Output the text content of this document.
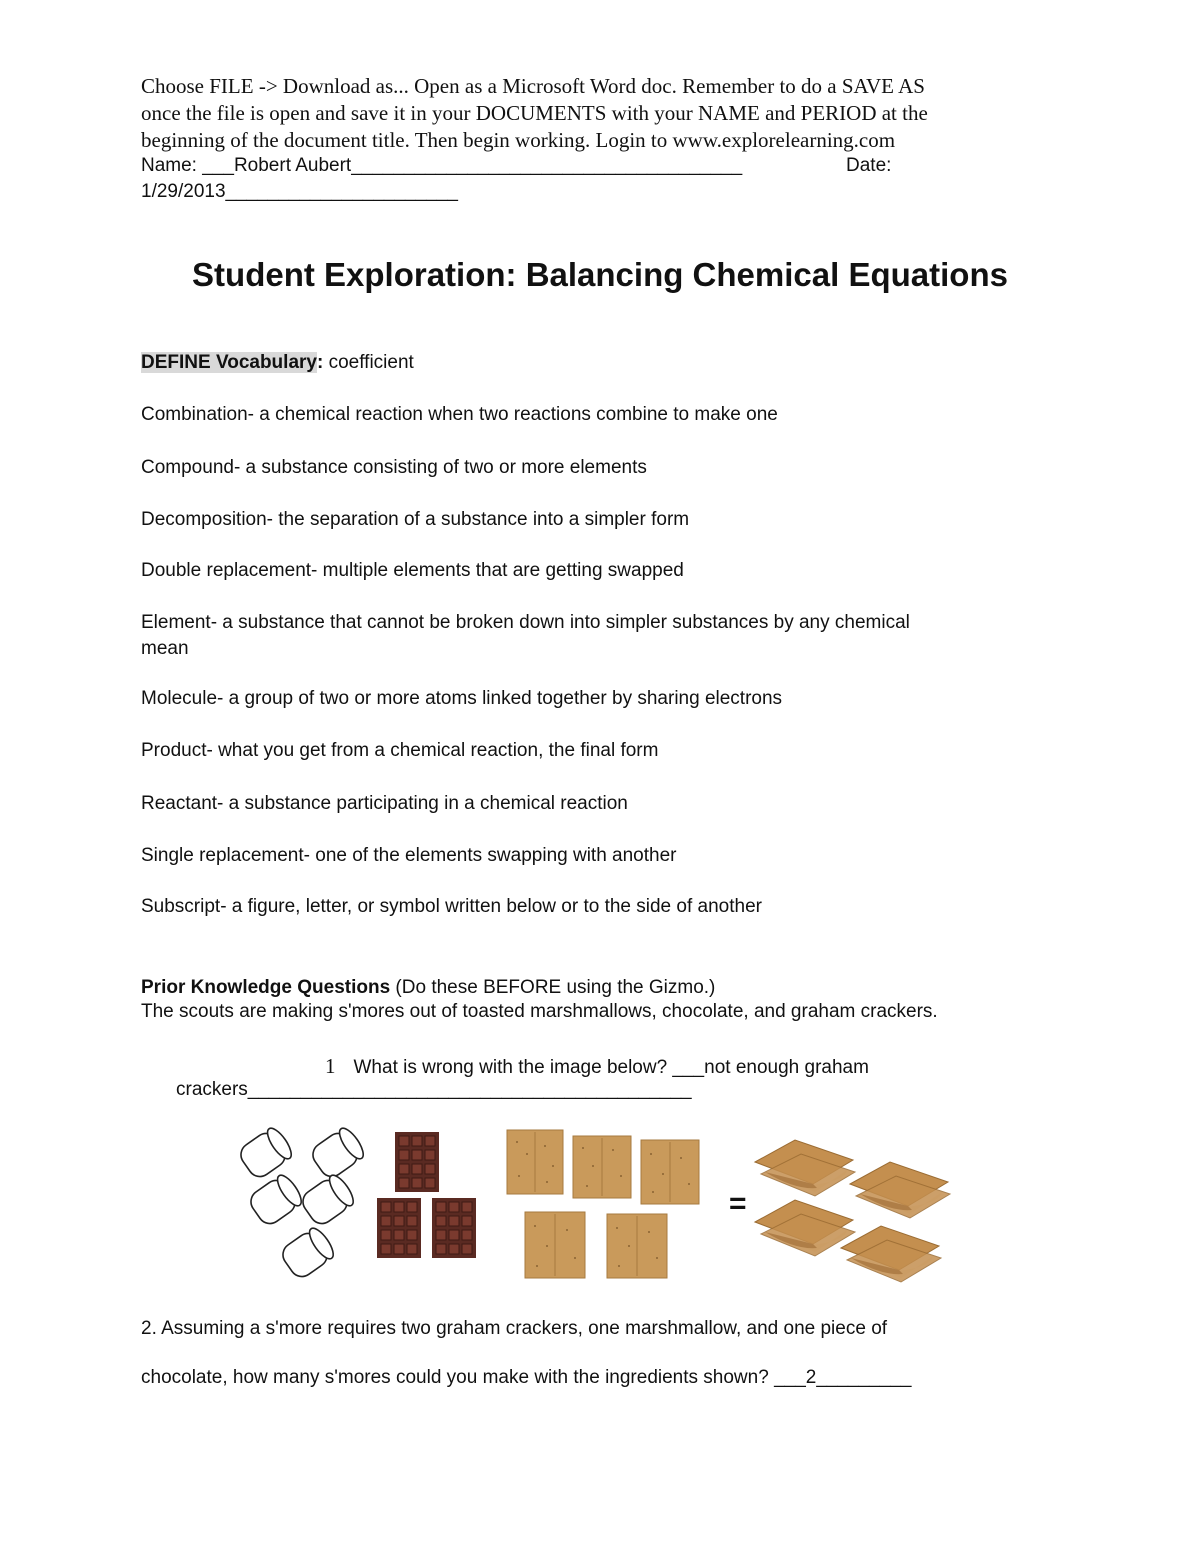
Choose FILE -> Download as... Open as a Microsoft Word doc. Remember to do a SAVE AS
once the file is open and save it in your DOCUMENTS with your NAME and PERIOD at the
beginning of the document title. Then begin working. Login to www.explorelearning.com
Name: ___Robert Aubert_____________________________________	Date:
1/29/2013______________________
Student Exploration: Balancing Chemical Equations
DEFINE Vocabulary: coefficient
Combination- a chemical reaction when two reactions combine to make one
Compound- a substance consisting of two or more elements
Decomposition- the separation of a substance into a simpler form
Double replacement- multiple elements that are getting swapped
Element- a substance that cannot be broken down into simpler substances by any chemical
mean
Molecule- a group of two or more atoms linked together by sharing electrons
Product- what you get from a chemical reaction, the final form
Reactant- a substance participating in a chemical reaction
Single replacement- one of the elements swapping with another
Subscript- a figure, letter, or symbol written below or to the side of another
Prior Knowledge Questions (Do these BEFORE using the Gizmo.)
The scouts are making s'mores out of toasted marshmallows, chocolate, and graham crackers.
1 What is wrong with the image below? ___not enough graham
crackers__________________________________________
=
2. Assuming a s'more requires two graham crackers, one marshmallow, and one piece of
chocolate, how many s'mores could you make with the ingredients shown? ___2_________
